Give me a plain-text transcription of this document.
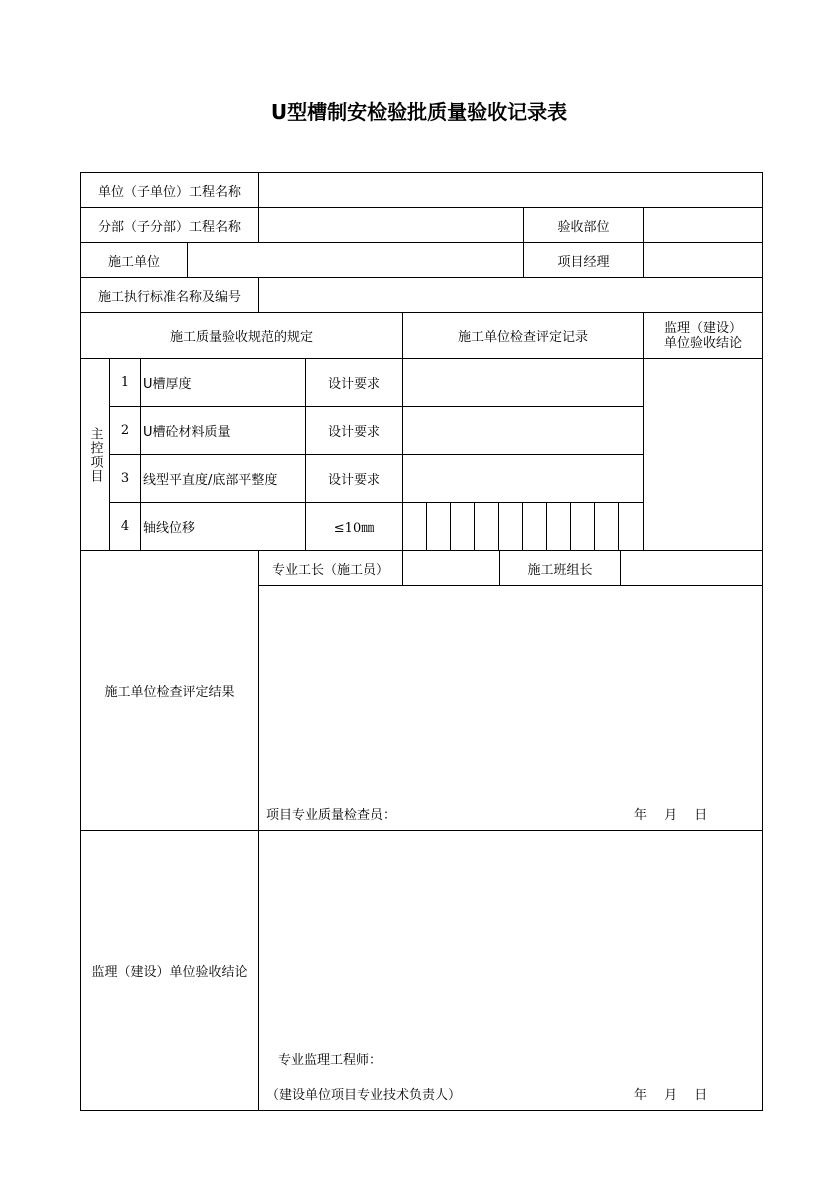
U型槽制安检验批质量验收记录表
单位（子单位）工程名称
分部（子分部）工程名称	验收部位
施工单位	项目经理
施工执行标准名称及编号
施工质量验收规范的规定	施工单位检查评定记录
监理（建设）
单位验收结论
主控项目
1	U槽厚度	设计要求
2	U槽砼材料质量	设计要求
3	线型平直度/底部平整度	设计要求
4	轴线位移	≤10㎜
施工单位检查评定结果
专业工长（施工员）	施工班组长
项目专业质量检查员：	年　 月　 日
监理（建设）单位验收结论
专业监理工程师：
（建设单位项目专业技术负责人）	年　 月　 日
